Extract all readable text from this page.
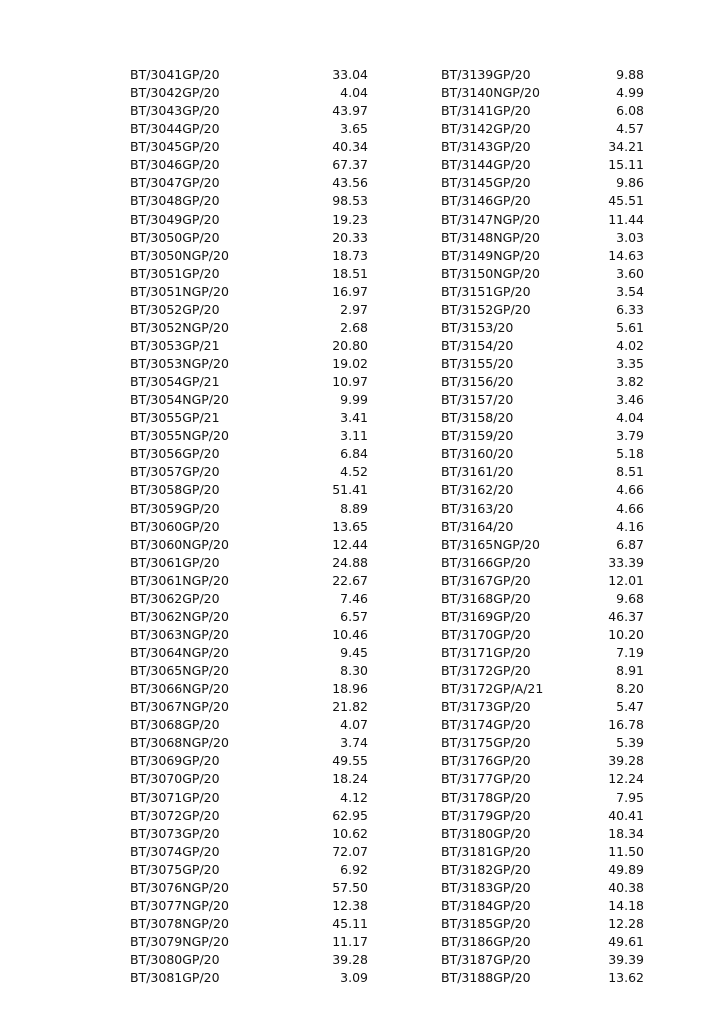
BT/3041GP/20	33.04
BT/3042GP/20	4.04
BT/3043GP/20	43.97
BT/3044GP/20	3.65
BT/3045GP/20	40.34
BT/3046GP/20	67.37
BT/3047GP/20	43.56
BT/3048GP/20	98.53
BT/3049GP/20	19.23
BT/3050GP/20	20.33
BT/3050NGP/20	18.73
BT/3051GP/20	18.51
BT/3051NGP/20	16.97
BT/3052GP/20	2.97
BT/3052NGP/20	2.68
BT/3053GP/21	20.80
BT/3053NGP/20	19.02
BT/3054GP/21	10.97
BT/3054NGP/20	9.99
BT/3055GP/21	3.41
BT/3055NGP/20	3.11
BT/3056GP/20	6.84
BT/3057GP/20	4.52
BT/3058GP/20	51.41
BT/3059GP/20	8.89
BT/3060GP/20	13.65
BT/3060NGP/20	12.44
BT/3061GP/20	24.88
BT/3061NGP/20	22.67
BT/3062GP/20	7.46
BT/3062NGP/20	6.57
BT/3063NGP/20	10.46
BT/3064NGP/20	9.45
BT/3065NGP/20	8.30
BT/3066NGP/20	18.96
BT/3067NGP/20	21.82
BT/3068GP/20	4.07
BT/3068NGP/20	3.74
BT/3069GP/20	49.55
BT/3070GP/20	18.24
BT/3071GP/20	4.12
BT/3072GP/20	62.95
BT/3073GP/20	10.62
BT/3074GP/20	72.07
BT/3075GP/20	6.92
BT/3076NGP/20	57.50
BT/3077NGP/20	12.38
BT/3078NGP/20	45.11
BT/3079NGP/20	11.17
BT/3080GP/20	39.28
BT/3081GP/20	3.09
BT/3139GP/20	9.88
BT/3140NGP/20	4.99
BT/3141GP/20	6.08
BT/3142GP/20	4.57
BT/3143GP/20	34.21
BT/3144GP/20	15.11
BT/3145GP/20	9.86
BT/3146GP/20	45.51
BT/3147NGP/20	11.44
BT/3148NGP/20	3.03
BT/3149NGP/20	14.63
BT/3150NGP/20	3.60
BT/3151GP/20	3.54
BT/3152GP/20	6.33
BT/3153/20	5.61
BT/3154/20	4.02
BT/3155/20	3.35
BT/3156/20	3.82
BT/3157/20	3.46
BT/3158/20	4.04
BT/3159/20	3.79
BT/3160/20	5.18
BT/3161/20	8.51
BT/3162/20	4.66
BT/3163/20	4.66
BT/3164/20	4.16
BT/3165NGP/20	6.87
BT/3166GP/20	33.39
BT/3167GP/20	12.01
BT/3168GP/20	9.68
BT/3169GP/20	46.37
BT/3170GP/20	10.20
BT/3171GP/20	7.19
BT/3172GP/20	8.91
BT/3172GP/A/21	8.20
BT/3173GP/20	5.47
BT/3174GP/20	16.78
BT/3175GP/20	5.39
BT/3176GP/20	39.28
BT/3177GP/20	12.24
BT/3178GP/20	7.95
BT/3179GP/20	40.41
BT/3180GP/20	18.34
BT/3181GP/20	11.50
BT/3182GP/20	49.89
BT/3183GP/20	40.38
BT/3184GP/20	14.18
BT/3185GP/20	12.28
BT/3186GP/20	49.61
BT/3187GP/20	39.39
BT/3188GP/20	13.62
